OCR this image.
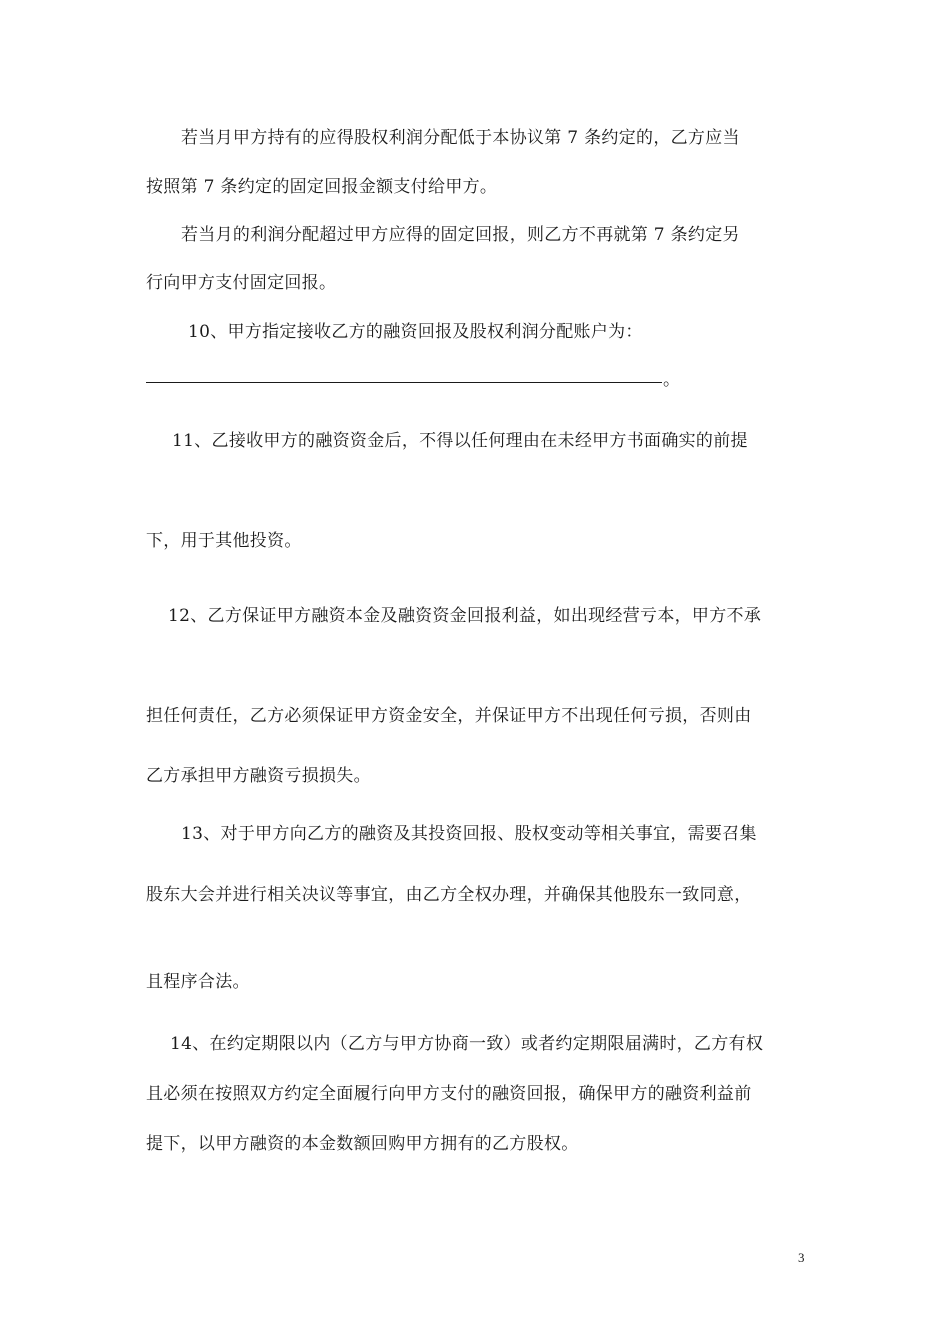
若当月甲方持有的应得股权利润分配低于本协议第 7 条约定的，乙方应当
按照第 7 条约定的固定回报金额支付给甲方。
若当月的利润分配超过甲方应得的固定回报，则乙方不再就第 7 条约定另
行向甲方支付固定回报。
10、甲方指定接收乙方的融资回报及股权利润分配账户为：
。
11、乙接收甲方的融资资金后，不得以任何理由在未经甲方书面确实的前提
下，用于其他投资。
12、乙方保证甲方融资本金及融资资金回报利益，如出现经营亏本，甲方不承
担任何责任，乙方必须保证甲方资金安全，并保证甲方不出现任何亏损，否则由
乙方承担甲方融资亏损损失。
13、对于甲方向乙方的融资及其投资回报、股权变动等相关事宜，需要召集
股东大会并进行相关决议等事宜，由乙方全权办理，并确保其他股东一致同意，
且程序合法。
14、在约定期限以内（乙方与甲方协商一致）或者约定期限届满时，乙方有权
且必须在按照双方约定全面履行向甲方支付的融资回报，确保甲方的融资利益前
提下，以甲方融资的本金数额回购甲方拥有的乙方股权。
3
